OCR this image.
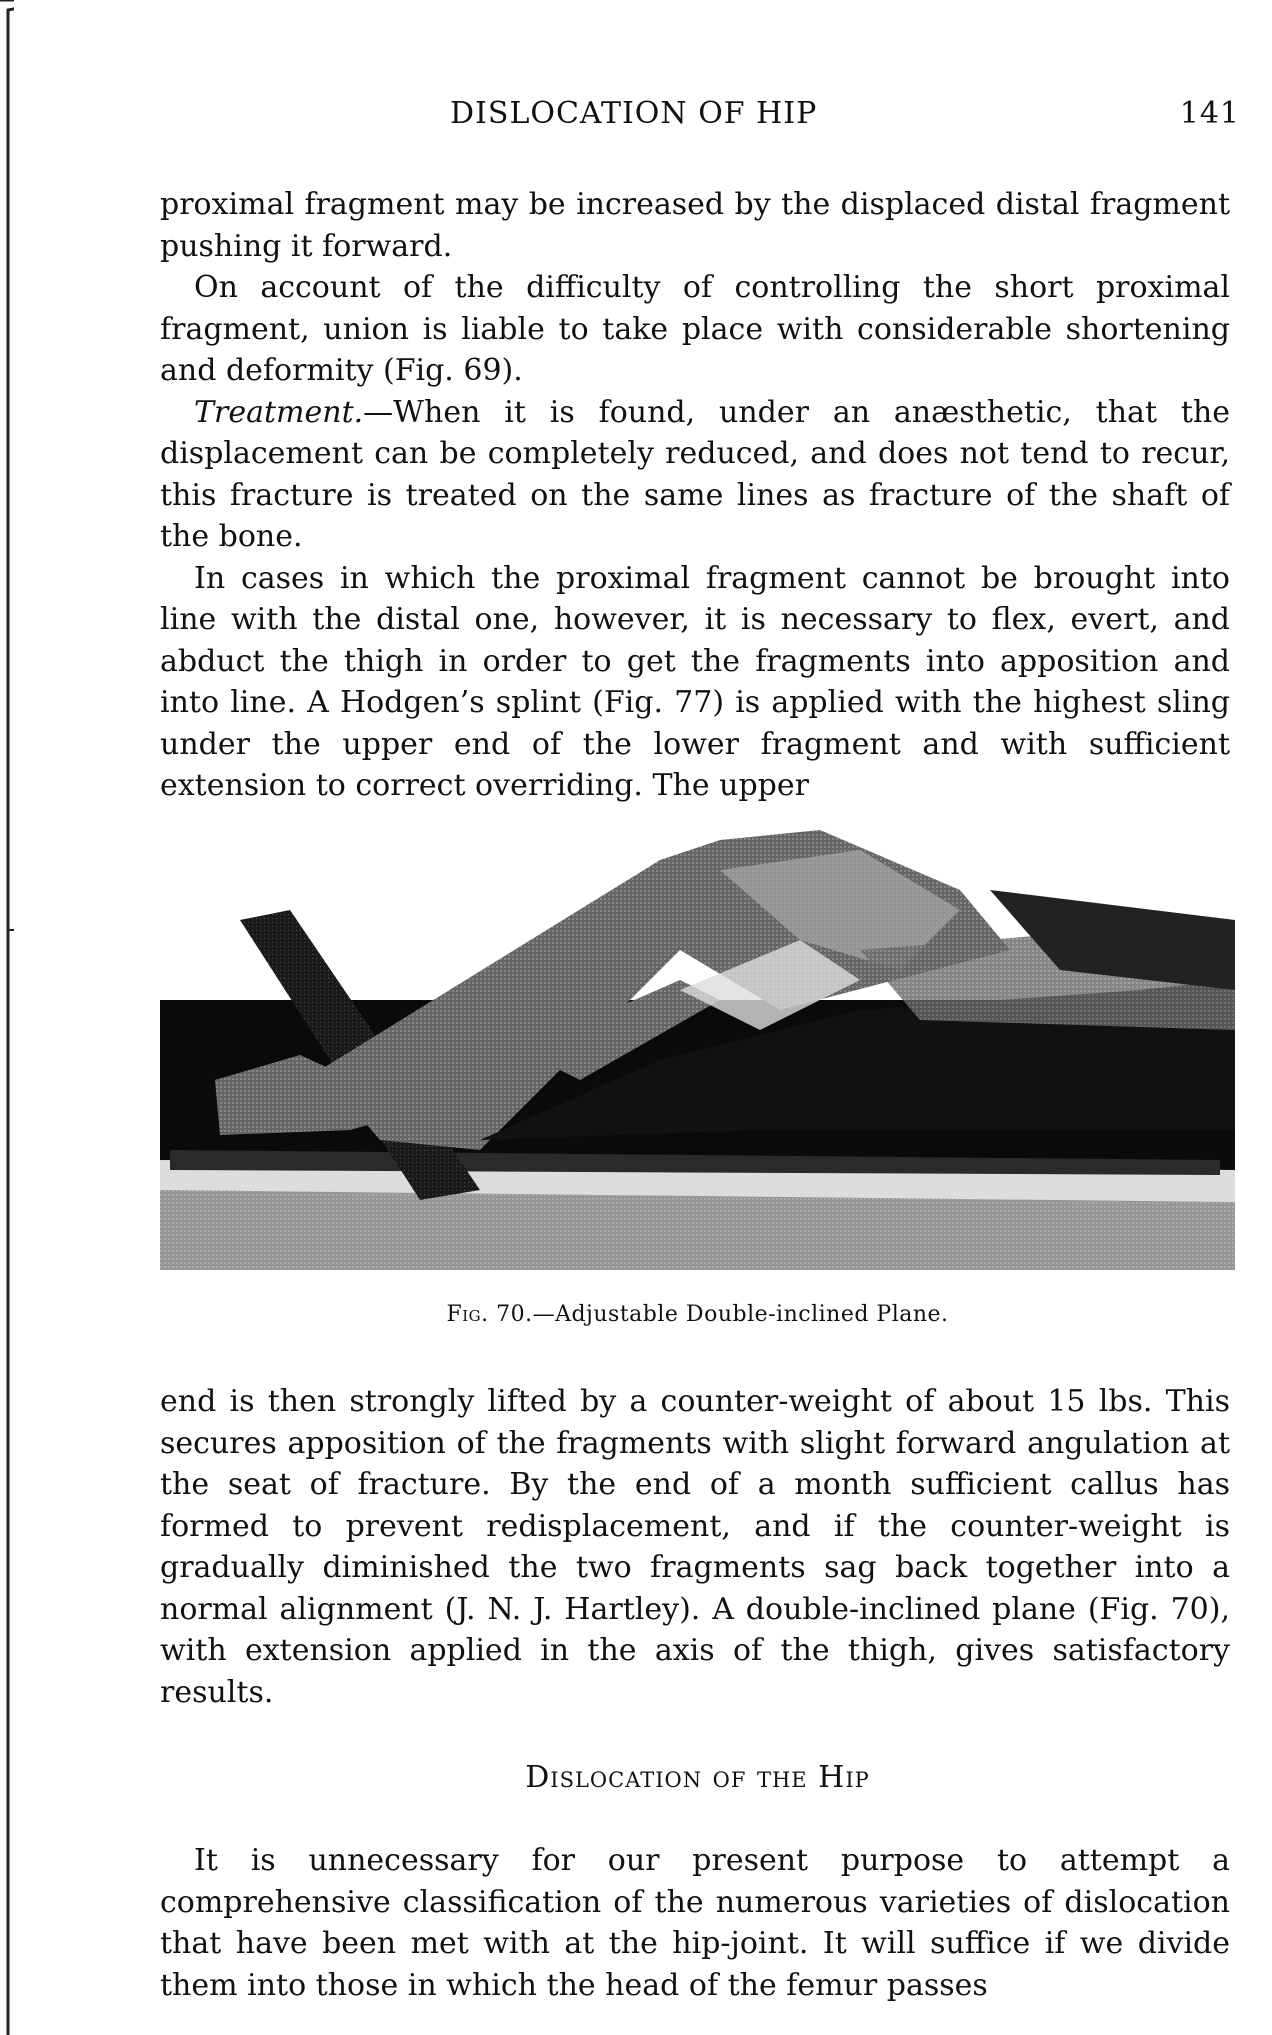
DISLOCATION OF HIP	141

proximal fragment may be increased by the displaced distal fragment pushing it forward.

On account of the difficulty of controlling the short proximal fragment, union is liable to take place with considerable shortening and deformity (Fig. 69).

Treatment.—When it is found, under an anæsthetic, that the displacement can be completely reduced, and does not tend to recur, this fracture is treated on the same lines as fracture of the shaft of the bone.

In cases in which the proximal fragment cannot be brought into line with the distal one, however, it is necessary to flex, evert, and abduct the thigh in order to get the fragments into apposition and into line. A Hodgen’s splint (Fig. 77) is applied with the highest sling under the upper end of the lower fragment and with sufficient extension to correct overriding. The upper

Fig. 70.—Adjustable Double-inclined Plane.

end is then strongly lifted by a counter-weight of about 15 lbs. This secures apposition of the fragments with slight forward angulation at the seat of fracture. By the end of a month sufficient callus has formed to prevent redisplacement, and if the counter-weight is gradually diminished the two fragments sag back together into a normal alignment (J. N. J. Hartley). A double-inclined plane (Fig. 70), with extension applied in the axis of the thigh, gives satisfactory results.

Dislocation of the Hip

It is unnecessary for our present purpose to attempt a comprehensive classification of the numerous varieties of dislocation that have been met with at the hip-joint. It will suffice if we divide them into those in which the head of the femur passes
